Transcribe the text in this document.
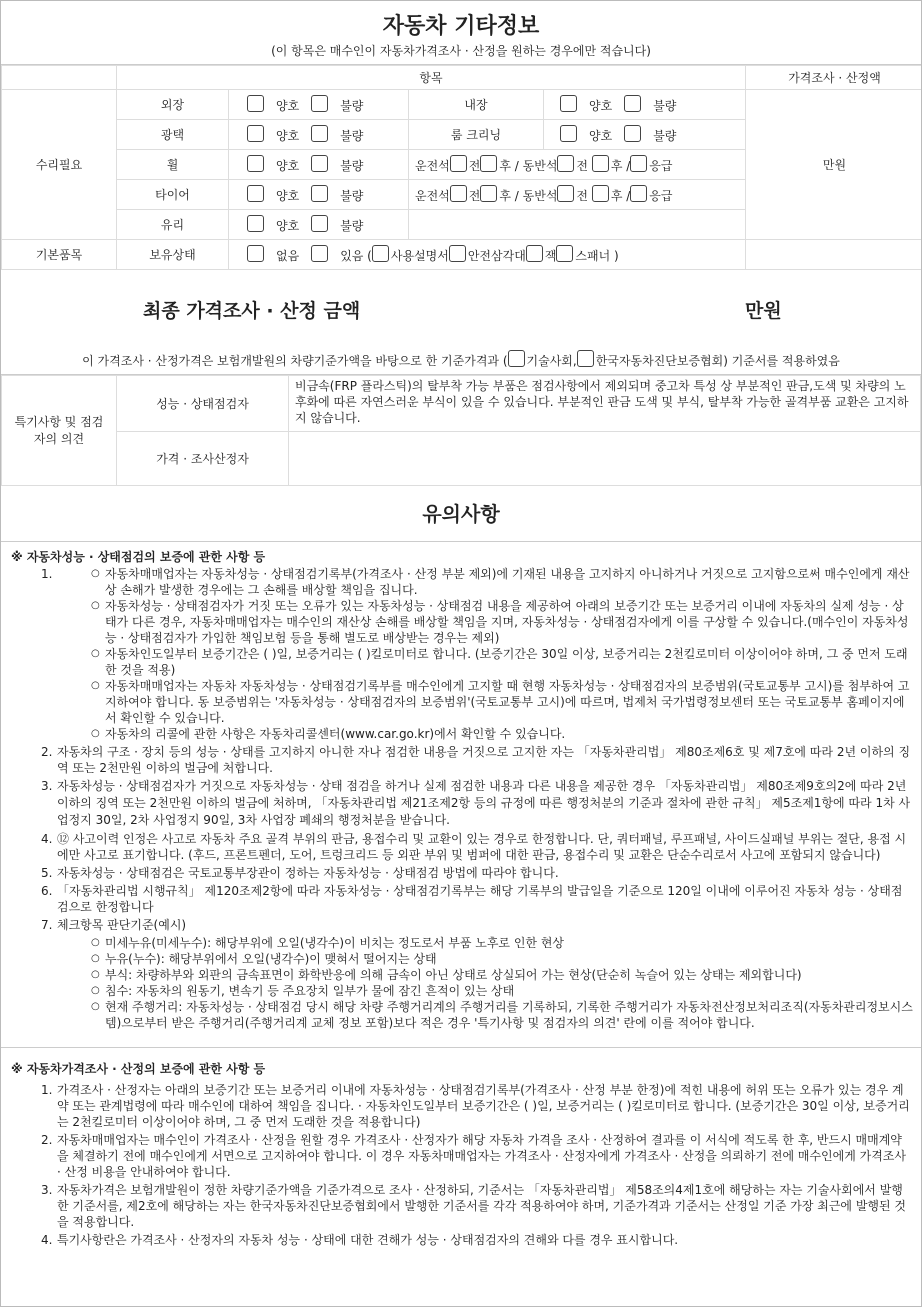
자동차 기타정보
(이 항목은 매수인이 자동차가격조사 · 산정을 원하는 경우에만 적습니다)
	항목				가격조사 · 산정액
수리필요	외장	양호 불량	내장	양호 불량	만원
	광택	양호 불량	룸 크리닝	양호 불량	
	휠	양호 불량	운전석 전 후 / 동반석 전 후 / 응급		
	타이어	양호 불량	운전석 전 후 / 동반석 전 후 / 응급		
	유리	양호 불량			
기본품목	보유상태	없음 있음 ( 사용설명서 안전삼각대 잭 스패너 )			
최종 가격조사 · 산정 금액	만원
이 가격조사 · 산정가격은 보험개발원의 차량기준가액을 바탕으로 한 기준가격과 ( 기술사회, 한국자동차진단보증협회) 기준서를 적용하였음
특기사항 및 점검자의 의견	성능 · 상태점검자	비금속(FRP 플라스틱)의 탈부착 가능 부품은 점검사항에서 제외되며 중고차 특성 상 부분적인 판금,도색 및 차량의 노후화에 따른 자연스러운 부식이 있을 수 있습니다. 부분적인 판금 도색 및 부식, 탈부착 가능한 골격부품 교환은 고지하지 않습니다.
	가격 · 조사산정자	
유의사항
※ 자동차성능 · 상태점검의 보증에 관한 사항 등
1.	○ 자동차매매업자는 자동차성능 · 상태점검기록부(가격조사 · 산정 부분 제외)에 기재된 내용을 고지하지 아니하거나 거짓으로 고지함으로써 매수인에게 재산상 손해가 발생한 경우에는 그 손해를 배상할 책임을 집니다.
○ 자동차성능 · 상태점검자가 거짓 또는 오류가 있는 자동차성능 · 상태점검 내용을 제공하여 아래의 보증기간 또는 보증거리 이내에 자동차의 실제 성능 · 상태가 다른 경우, 자동차매매업자는 매수인의 재산상 손해를 배상할 책임을 지며, 자동차성능 · 상태점검자에게 이를 구상할 수 있습니다.(매수인이 자동차성능 · 상태점검자가 가입한 책임보험 등을 통해 별도로 배상받는 경우는 제외)
○ 자동차인도일부터 보증기간은 ( )일, 보증거리는 ( )킬로미터로 합니다. (보증기간은 30일 이상, 보증거리는 2천킬로미터 이상이어야 하며, 그 중 먼저 도래한 것을 적용)
○ 자동차매매업자는 자동차 자동차성능 · 상태점검기록부를 매수인에게 고지할 때 현행 자동차성능 · 상태점검자의 보증범위(국토교통부 고시)를 첨부하여 고지하여야 합니다. 동 보증범위는 '자동차성능 · 상태점검자의 보증범위'(국토교통부 고시)에 따르며, 법제처 국가법령정보센터 또는 국토교통부 홈페이지에서 확인할 수 있습니다.
○ 자동차의 리콜에 관한 사항은 자동차리콜센터(www.car.go.kr)에서 확인할 수 있습니다.
2. 자동차의 구조 · 장치 등의 성능 · 상태를 고지하지 아니한 자나 점검한 내용을 거짓으로 고지한 자는 「자동차관리법」 제80조제6호 및 제7호에 따라 2년 이하의 징역 또는 2천만원 이하의 벌금에 처합니다.
3. 자동차성능 · 상태점검자가 거짓으로 자동차성능 · 상태 점검을 하거나 실제 점검한 내용과 다른 내용을 제공한 경우 「자동차관리법」 제80조제9호의2에 따라 2년 이하의 징역 또는 2천만원 이하의 벌금에 처하며, 「자동차관리법 제21조제2항 등의 규정에 따른 행정처분의 기준과 절차에 관한 규칙」 제5조제1항에 따라 1차 사업정지 30일, 2차 사업정지 90일, 3차 사업장 폐쇄의 행정처분을 받습니다.
4. ⑫ 사고이력 인정은 사고로 자동차 주요 골격 부위의 판금, 용접수리 및 교환이 있는 경우로 한정합니다. 단, 쿼터패널, 루프패널, 사이드실패널 부위는 절단, 용접 시에만 사고로 표기합니다. (후드, 프론트펜더, 도어, 트렁크리드 등 외판 부위 및 범퍼에 대한 판금, 용접수리 및 교환은 단순수리로서 사고에 포함되지 않습니다)
5. 자동차성능 · 상태점검은 국토교통부장관이 정하는 자동차성능 · 상태점검 방법에 따라야 합니다.
6. 「자동차관리법 시행규칙」 제120조제2항에 따라 자동차성능 · 상태점검기록부는 해당 기록부의 발급일을 기준으로 120일 이내에 이루어진 자동차 성능 · 상태점검으로 한정합니다
7. 체크항목 판단기준(예시)
○ 미세누유(미세누수): 해당부위에 오일(냉각수)이 비치는 정도로서 부품 노후로 인한 현상
○ 누유(누수): 해당부위에서 오일(냉각수)이 맺혀서 떨어지는 상태
○ 부식: 차량하부와 외판의 금속표면이 화학반응에 의해 금속이 아닌 상태로 상실되어 가는 현상(단순히 녹슬어 있는 상태는 제외합니다)
○ 침수: 자동차의 원동기, 변속기 등 주요장치 일부가 물에 잠긴 흔적이 있는 상태
○ 현재 주행거리: 자동차성능 · 상태점검 당시 해당 차량 주행거리계의 주행거리를 기록하되, 기록한 주행거리가 자동차전산정보처리조직(자동차관리정보시스템)으로부터 받은 주행거리(주행거리계 교체 정보 포함)보다 적은 경우 '특기사항 및 점검자의 의견' 란에 이를 적어야 합니다.
※ 자동차가격조사 · 산정의 보증에 관한 사항 등
1. 가격조사 · 산정자는 아래의 보증기간 또는 보증거리 이내에 자동차성능 · 상태점검기록부(가격조사 · 산정 부분 한정)에 적힌 내용에 허위 또는 오류가 있는 경우 계약 또는 관계법령에 따라 매수인에 대하여 책임을 집니다. · 자동차인도일부터 보증기간은 ( )일, 보증거리는 ( )킬로미터로 합니다. (보증기간은 30일 이상, 보증거리는 2천킬로미터 이상이어야 하며, 그 중 먼저 도래한 것을 적용합니다)
2. 자동차매매업자는 매수인이 가격조사 · 산정을 원할 경우 가격조사 · 산정자가 해당 자동차 가격을 조사 · 산정하여 결과를 이 서식에 적도록 한 후, 반드시 매매계약을 체결하기 전에 매수인에게 서면으로 고지하여야 합니다. 이 경우 자동차매매업자는 가격조사 · 산정자에게 가격조사 · 산정을 의뢰하기 전에 매수인에게 가격조사 · 산정 비용을 안내하여야 합니다.
3. 자동차가격은 보험개발원이 정한 차량기준가액을 기준가격으로 조사 · 산정하되, 기준서는 「자동차관리법」 제58조의4제1호에 해당하는 자는 기술사회에서 발행한 기준서를, 제2호에 해당하는 자는 한국자동차진단보증협회에서 발행한 기준서를 각각 적용하여야 하며, 기준가격과 기준서는 산정일 기준 가장 최근에 발행된 것을 적용합니다.
4. 특기사항란은 가격조사 · 산정자의 자동차 성능 · 상태에 대한 견해가 성능 · 상태점검자의 견해와 다를 경우 표시합니다.
